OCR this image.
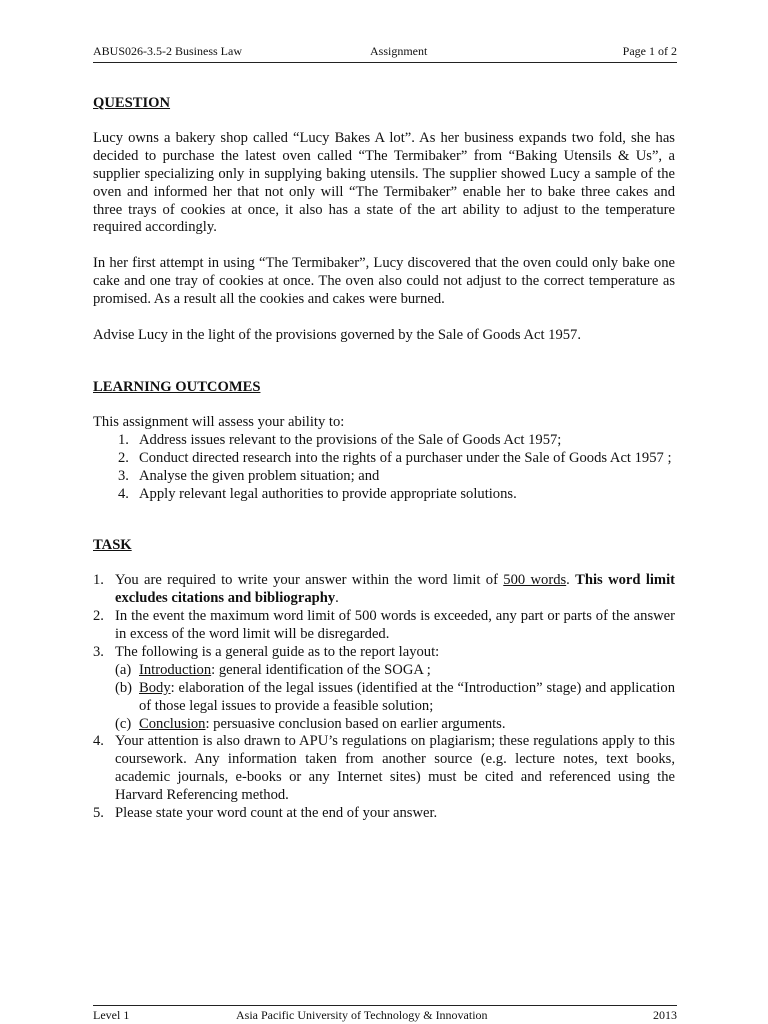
ABUS026-3.5-2 Business Law	Assignment	Page 1 of 2

QUESTION

Lucy owns a bakery shop called “Lucy Bakes A lot”. As her business expands two fold, she has decided to purchase the latest oven called “The Termibaker” from “Baking Utensils & Us”, a supplier specializing only in supplying baking utensils. The supplier showed Lucy a sample of the oven and informed her that not only will “The Termibaker” enable her to bake three cakes and three trays of cookies at once, it also has a state of the art ability to adjust to the temperature required accordingly.

In her first attempt in using “The Termibaker”, Lucy discovered that the oven could only bake one cake and one tray of cookies at once. The oven also could not adjust to the correct temperature as promised. As a result all the cookies and cakes were burned.

Advise Lucy in the light of the provisions governed by the Sale of Goods Act 1957.

LEARNING OUTCOMES

This assignment will assess your ability to:

1. Address issues relevant to the provisions of the Sale of Goods Act 1957;
2. Conduct directed research into the rights of a purchaser under the Sale of Goods Act 1957 ;
3. Analyse the given problem situation; and
4. Apply relevant legal authorities to provide appropriate solutions.

TASK

1. You are required to write your answer within the word limit of 500 words. This word limit excludes citations and bibliography.
2. In the event the maximum word limit of 500 words is exceeded, any part or parts of the answer in excess of the word limit will be disregarded.
3. The following is a general guide as to the report layout:
(a) Introduction: general identification of the SOGA ;
(b) Body: elaboration of the legal issues (identified at the “Introduction” stage) and application of those legal issues to provide a feasible solution;
(c) Conclusion: persuasive conclusion based on earlier arguments.
4. Your attention is also drawn to APU’s regulations on plagiarism; these regulations apply to this coursework. Any information taken from another source (e.g. lecture notes, text books, academic journals, e-books or any Internet sites) must be cited and referenced using the Harvard Referencing method.
5. Please state your word count at the end of your answer.
Level 1	Asia Pacific University of Technology & Innovation	2013
